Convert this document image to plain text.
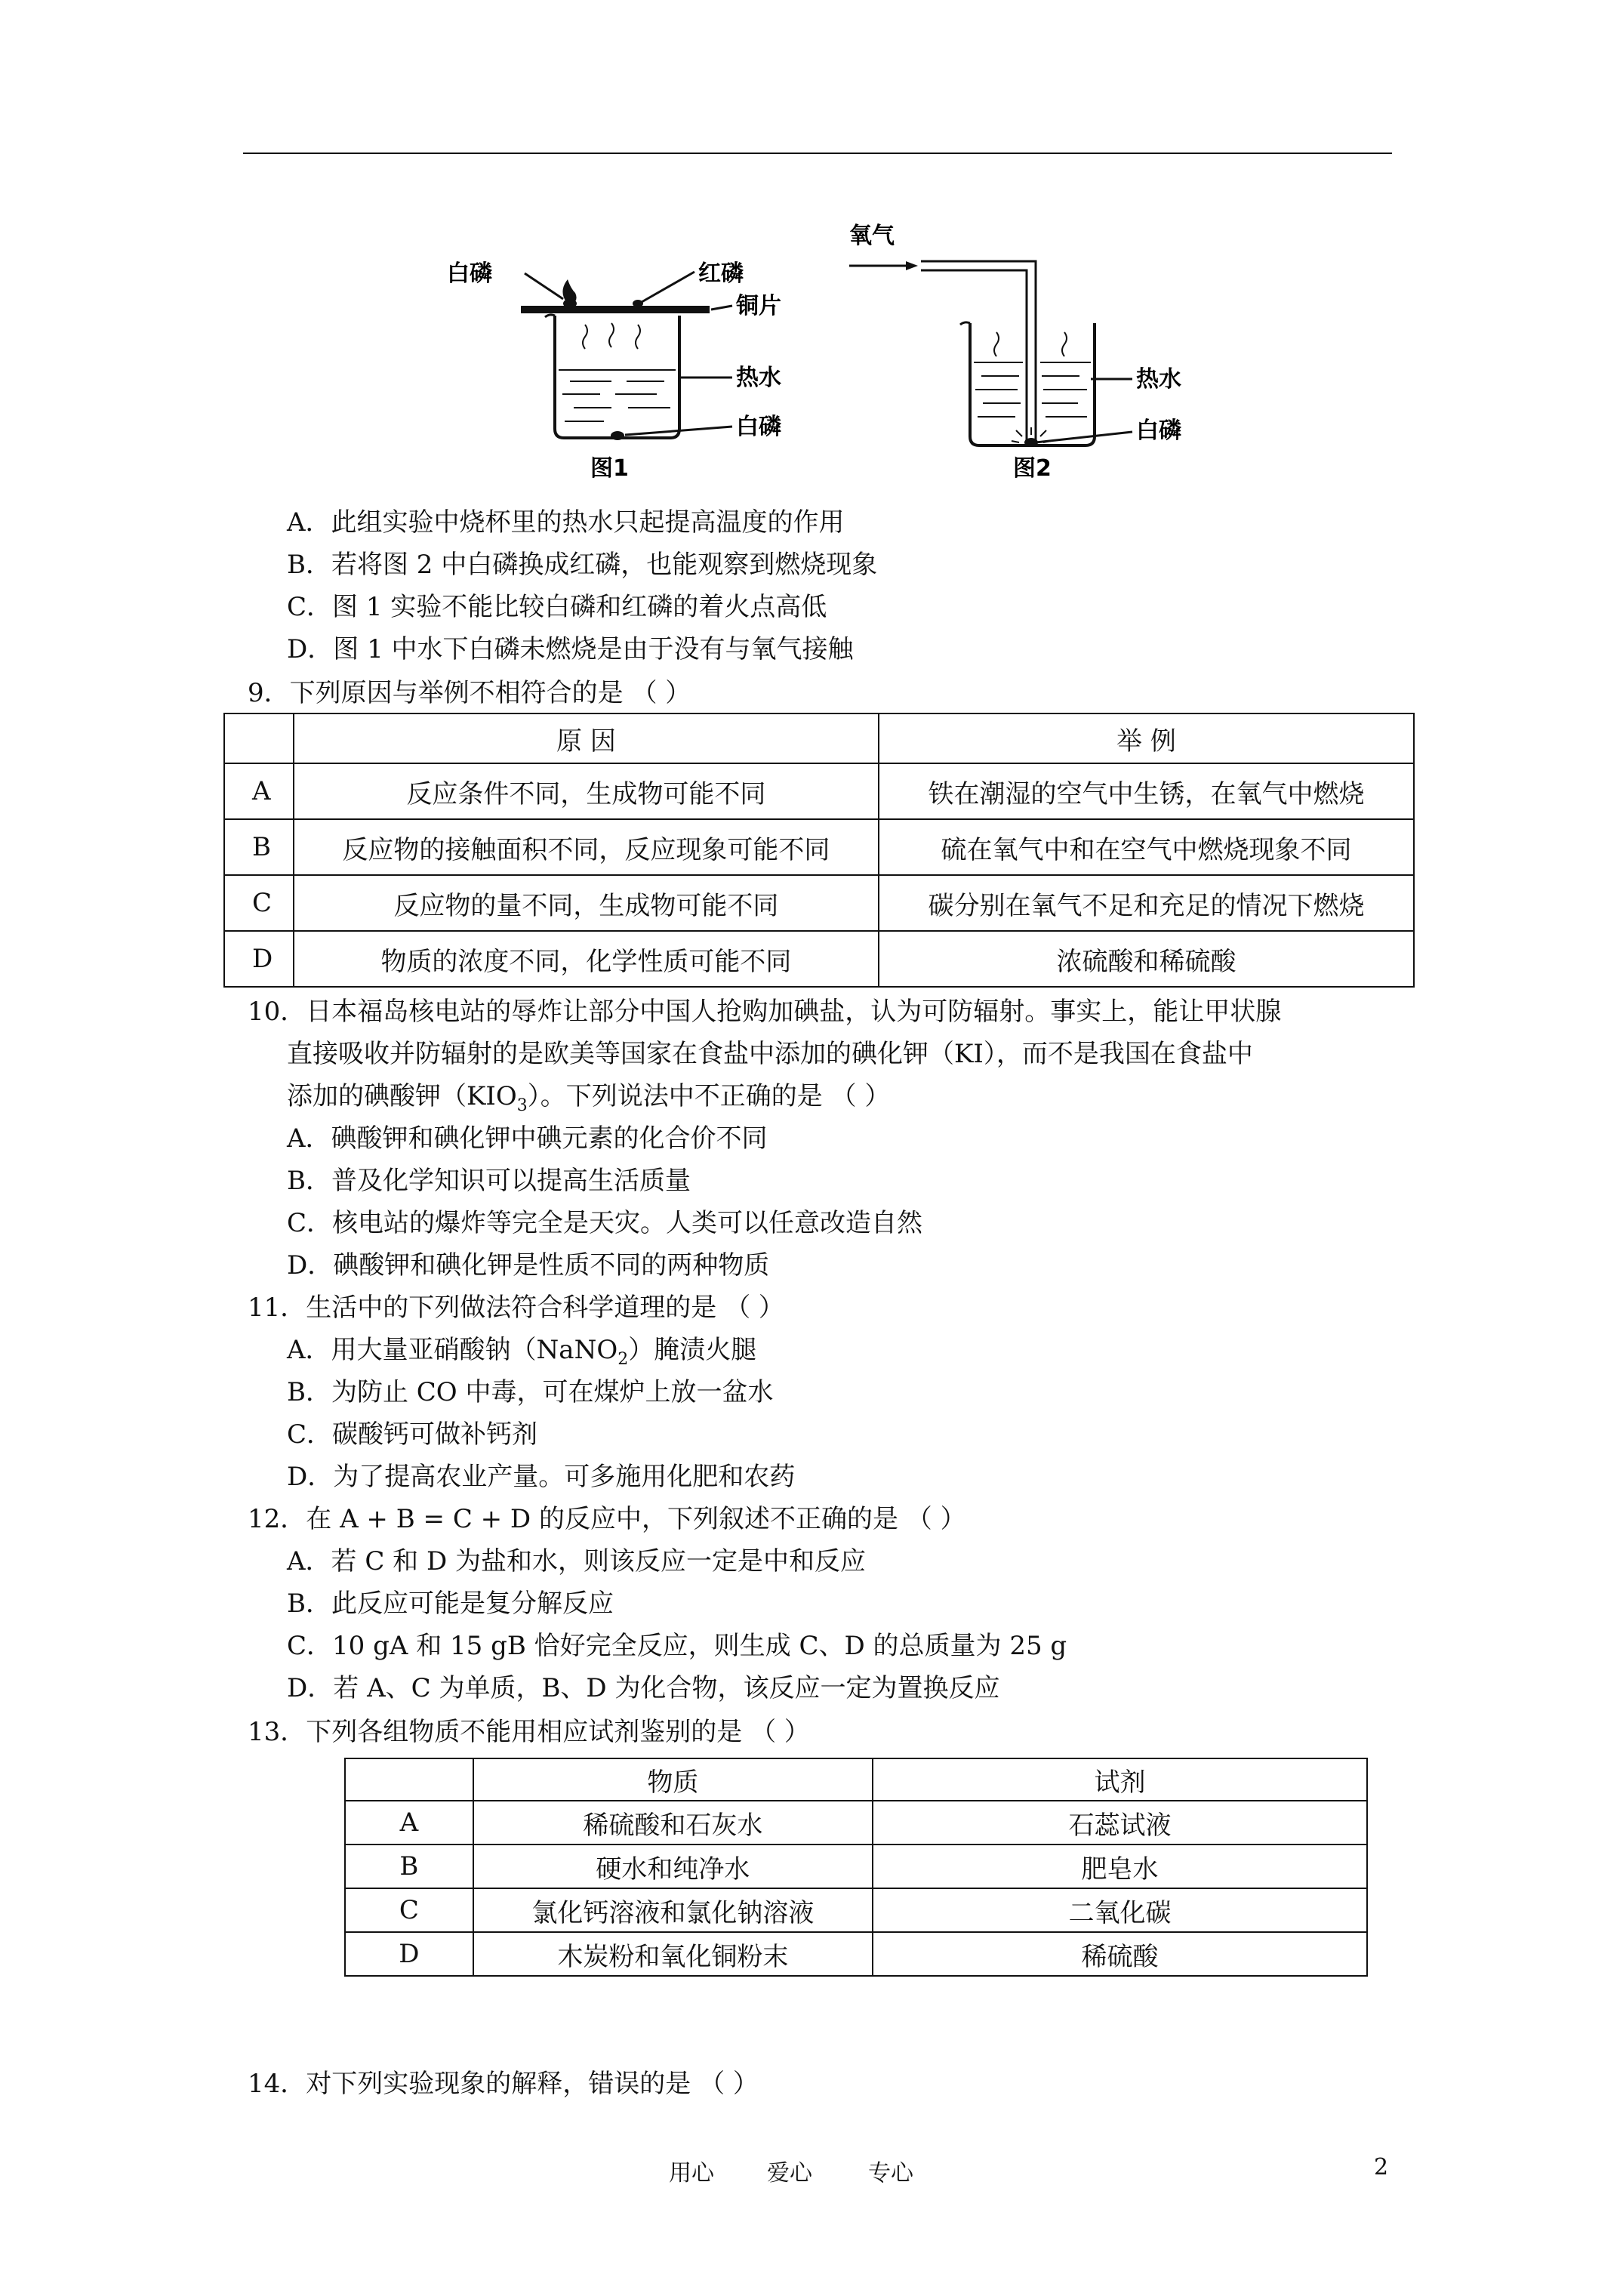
白磷	红磷
铜片
热水
白磷
图1
氧气
热水
白磷
图2
A．此组实验中烧杯里的热水只起提高温度的作用
B．若将图 2 中白磷换成红磷，也能观察到燃烧现象
C．图 1 实验不能比较白磷和红磷的着火点高低
D．图 1 中水下白磷未燃烧是由于没有与氧气接触
9．下列原因与举例不相符合的是 （ ）
	原 因	举 例
A	反应条件不同，生成物可能不同	铁在潮湿的空气中生锈，在氧气中燃烧
B	反应物的接触面积不同，反应现象可能不同	硫在氧气中和在空气中燃烧现象不同
C	反应物的量不同，生成物可能不同	碳分别在氧气不足和充足的情况下燃烧
D	物质的浓度不同，化学性质可能不同	浓硫酸和稀硫酸
10．日本福岛核电站的辱炸让部分中国人抢购加碘盐，认为可防辐射。事实上，能让甲状腺
直接吸收并防辐射的是欧美等国家在食盐中添加的碘化钾（KI），而不是我国在食盐中
添加的碘酸钾$(KIO_3)$。下列说法中不正确的是 （ ）
A．碘酸钾和碘化钾中碘元素的化合价不同
B．普及化学知识可以提高生活质量
C．核电站的爆炸等完全是天灾。人类可以任意改造自然
D．碘酸钾和碘化钾是性质不同的两种物质
11．生活中的下列做法符合科学道理的是 （ ）
A．用大量亚硝酸钠（NaNO$_2$）腌渍火腿
B．为防止 CO 中毒，可在煤炉上放一盆水
C．碳酸钙可做补钙剂
D．为了提高农业产量。可多施用化肥和农药
12．在 A + B = C + D 的反应中，下列叙述不正确的是 （ ）
A．若 C 和 D 为盐和水，则该反应一定是中和反应
B．此反应可能是复分解反应
C．10 gA 和 15 gB 恰好完全反应，则生成 C、D 的总质量为 25 g
D．若 A、C 为单质，B、D 为化合物，该反应一定为置换反应
13．下列各组物质不能用相应试剂鉴别的是 （ ）
	物质	试剂
A	稀硫酸和石灰水	石蕊试液
B	硬水和纯净水	肥皂水
C	氯化钙溶液和氯化钠溶液	二氧化碳
D	木炭粉和氧化铜粉末	稀硫酸
14．对下列实验现象的解释，错误的是 （ ）
用心 爱心 专心	2
